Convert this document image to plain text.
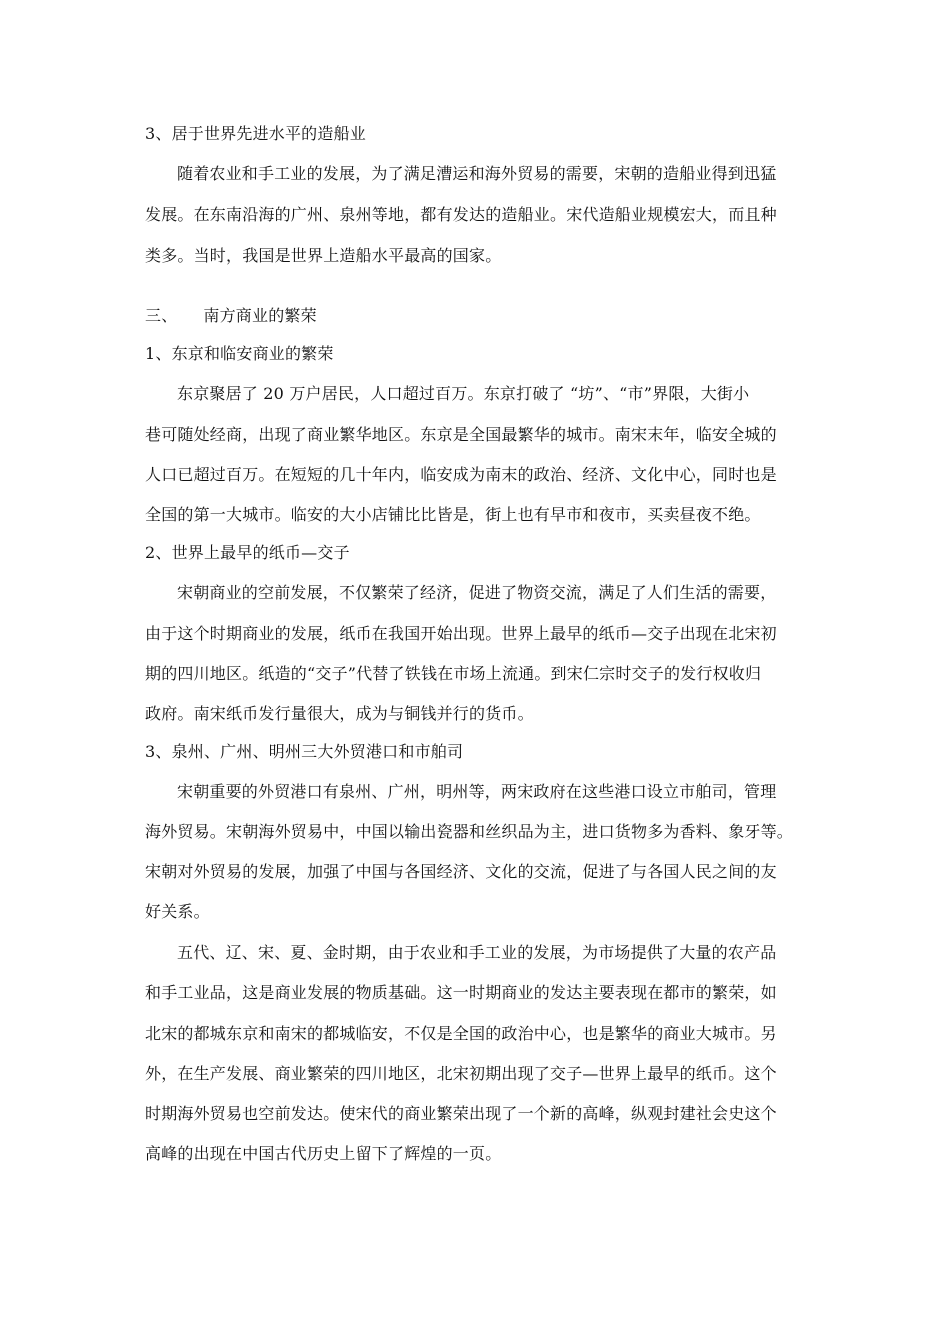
3、居于世界先进水平的造船业
随着农业和手工业的发展，为了满足漕运和海外贸易的需要，宋朝的造船业得到迅猛
发展。在东南沿海的广州、泉州等地，都有发达的造船业。宋代造船业规模宏大，而且种
类多。当时，我国是世界上造船水平最高的国家。
三、 南方商业的繁荣
1、东京和临安商业的繁荣
东京聚居了 20 万户居民，人口超过百万。东京打破了 “坊”、“市”界限，大街小
巷可随处经商，出现了商业繁华地区。东京是全国最繁华的城市。南宋末年，临安全城的
人口已超过百万。在短短的几十年内，临安成为南末的政治、经济、文化中心，同时也是
全国的第一大城市。临安的大小店铺比比皆是，街上也有早市和夜市，买卖昼夜不绝。
2、世界上最早的纸币—交子
宋朝商业的空前发展，不仅繁荣了经济，促进了物资交流，满足了人们生活的需要，
由于这个时期商业的发展，纸币在我国开始出现。世界上最早的纸币—交子出现在北宋初
期的四川地区。纸造的“交子”代替了铁钱在市场上流通。到宋仁宗时交子的发行权收归
政府。南宋纸币发行量很大，成为与铜钱并行的货币。
3、泉州、广州、明州三大外贸港口和市舶司
宋朝重要的外贸港口有泉州、广州，明州等，两宋政府在这些港口设立市舶司，管理
海外贸易。宋朝海外贸易中，中国以输出瓷器和丝织品为主，进口货物多为香料、象牙等。
宋朝对外贸易的发展，加强了中国与各国经济、文化的交流，促进了与各国人民之间的友
好关系。
五代、辽、宋、夏、金时期，由于农业和手工业的发展，为市场提供了大量的农产品
和手工业品，这是商业发展的物质基础。这一时期商业的发达主要表现在都市的繁荣，如
北宋的都城东京和南宋的都城临安，不仅是全国的政治中心，也是繁华的商业大城市。另
外，在生产发展、商业繁荣的四川地区，北宋初期出现了交子—世界上最早的纸币。这个
时期海外贸易也空前发达。使宋代的商业繁荣出现了一个新的高峰，纵观封建社会史这个
高峰的出现在中国古代历史上留下了辉煌的一页。
